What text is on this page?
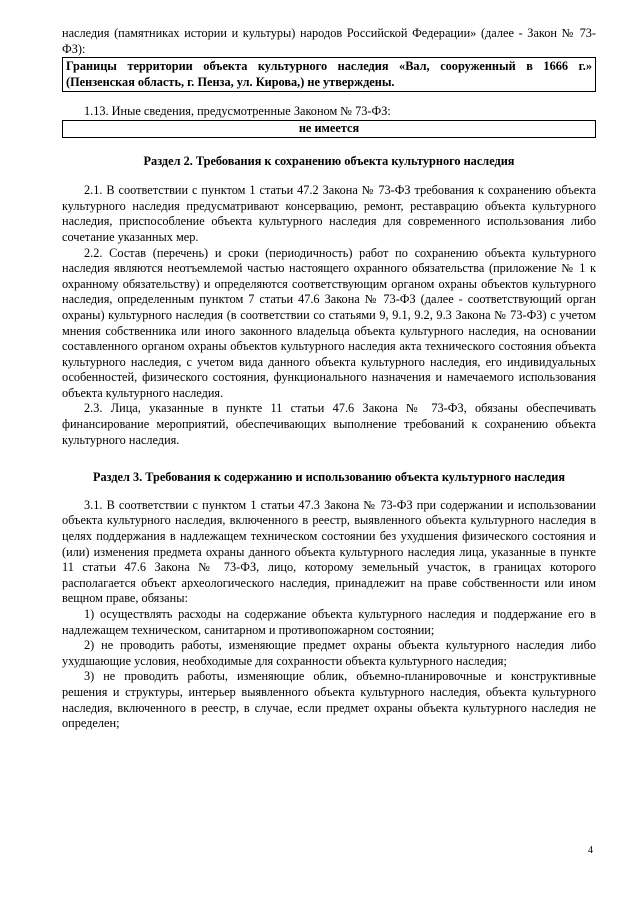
наследия (памятниках истории и культуры) народов Российской Федерации» (далее - Закон № 73-ФЗ):

Границы территории объекта культурного наследия «Вал, сооруженный в 1666 г.» (Пензенская область, г. Пенза, ул. Кирова,) не утверждены.

1.13. Иные сведения, предусмотренные Законом № 73-ФЗ:

не имеется

Раздел 2. Требования к сохранению объекта культурного наследия

2.1. В соответствии с пунктом 1 статьи 47.2 Закона № 73-ФЗ требования к сохранению объекта культурного наследия предусматривают консервацию, ремонт, реставрацию объекта культурного наследия, приспособление объекта культурного наследия для современного использования либо сочетание указанных мер.

2.2. Состав (перечень) и сроки (периодичность) работ по сохранению объекта культурного наследия являются неотъемлемой частью настоящего охранного обязательства (приложение № 1 к охранному обязательству) и определяются соответствующим органом охраны объектов культурного наследия, определенным пунктом 7 статьи 47.6 Закона № 73-ФЗ (далее - соответствующий орган охраны) культурного наследия (в соответствии со статьями 9, 9.1, 9.2, 9.3 Закона № 73-ФЗ) с учетом мнения собственника или иного законного владельца объекта культурного наследия, на основании составленного органом охраны объектов культурного наследия акта технического состояния объекта культурного наследия, с учетом вида данного объекта культурного наследия, его индивидуальных особенностей, физического состояния, функционального назначения и намечаемого использования объекта культурного наследия.

2.3. Лица, указанные в пункте 11 статьи 47.6 Закона № 73-ФЗ, обязаны обеспечивать финансирование мероприятий, обеспечивающих выполнение требований к сохранению объекта культурного наследия.

Раздел 3. Требования к содержанию и использованию объекта культурного наследия

3.1. В соответствии с пунктом 1 статьи 47.3 Закона № 73-ФЗ при содержании и использовании объекта культурного наследия, включенного в реестр, выявленного объекта культурного наследия в целях поддержания в надлежащем техническом состоянии без ухудшения физического состояния и (или) изменения предмета охраны данного объекта культурного наследия лица, указанные в пункте 11 статьи 47.6 Закона № 73-ФЗ, лицо, которому земельный участок, в границах которого располагается объект археологического наследия, принадлежит на праве собственности или ином вещном праве, обязаны:

1) осуществлять расходы на содержание объекта культурного наследия и поддержание его в надлежащем техническом, санитарном и противопожарном состоянии;

2) не проводить работы, изменяющие предмет охраны объекта культурного наследия либо ухудшающие условия, необходимые для сохранности объекта культурного наследия;

3) не проводить работы, изменяющие облик, объемно-планировочные и конструктивные решения и структуры, интерьер выявленного объекта культурного наследия, объекта культурного наследия, включенного в реестр, в случае, если предмет охраны объекта культурного наследия не определен;

4
